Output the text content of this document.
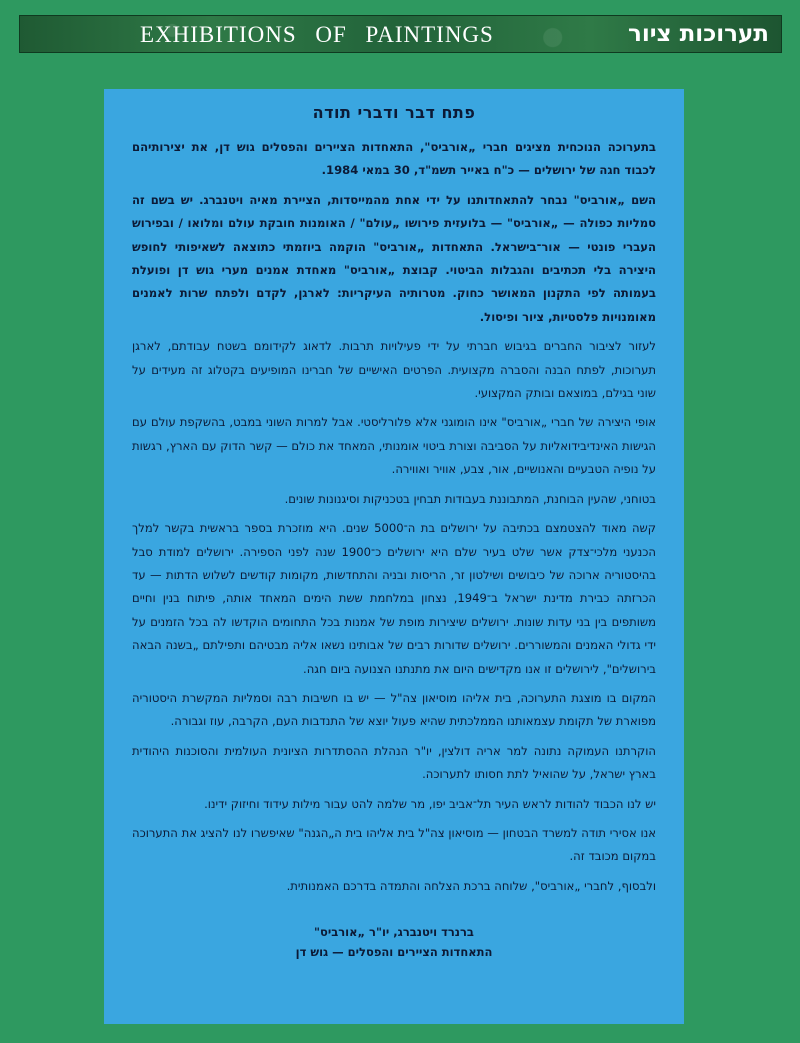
EXHIBITIONS OF PAINTINGS	תערוכות ציור
פתח דבר ודברי תודה

בתערוכה הנוכחית מציגים חברי „אורביס", התאחדות הציירים והפסלים גוש דן, את יצירותיהם לכבוד חגה של ירושלים — כ"ח באייר תשמ"ד, 30 במאי 1984.

השם „אורביס" נבחר להתאחדותנו על ידי אחת מהמייסדות, הציירת מאיה ויטנברג. יש בשם זה סמליות כפולה — „אורביס" — בלועזית פירושו „עולם" / האומנות חובקת עולם ומלואו / ובפירוש העברי פונטי — אור־בישראל. התאחדות „אורביס" הוקמה ביוזמתי כתוצאה לשאיפותי לחופש היצירה בלי תכתיבים והגבלות הביטוי. קבוצת „אורביס" מאחדת אמנים מערי גוש דן ופועלת בעמותה לפי התקנון המאושר כחוק. מטרותיה העיקריות: לארגן, לקדם ולפתח שרות לאמנים מאומנויות פלסטיות, ציור ופיסול.

לעזור לציבור החברים בגיבוש חברתי על ידי פעילויות תרבות. לדאוג לקידומם בשטח עבודתם, לארגן תערוכות, לפתח הבנה והסברה מקצועית. הפרטים האישיים של חברינו המופיעים בקטלוג זה מעידים על שוני בגילם, במוצאם ובותק המקצועי.

אופי היצירה של חברי „אורביס" אינו הומוגני אלא פלורליסטי. אבל למרות השוני במבט, בהשקפת עולם עם הגישות האינדיבידואליות על הסביבה וצורת ביטוי אומנותי, המאחד את כולם — קשר הדוק עם הארץ, רגשות על נופיה הטבעיים והאנושיים, אור, צבע, אוויר ואווירה.

בטוחני, שהעין הבוחנת, המתבוננת בעבודות תבחין בטכניקות וסיגנונות שונים.

קשה מאוד להצטמצם בכתיבה על ירושלים בת ה־5000 שנים. היא מוזכרת בספר בראשית בקשר למלך הכנעני מלכי־צדק אשר שלט בעיר שלם היא ירושלים כ־1900 שנה לפני הספירה. ירושלים למודת סבל בהיסטוריה ארוכה של כיבושים ושילטון זר, הריסות ובניה והתחדשות, מקומות קודשים לשלוש הדתות — עד הכרזתה כבירת מדינת ישראל ב־1949, נצחון במלחמת ששת הימים המאחד אותה, פיתוח בנין וחיים משותפים בין בני עדות שונות. ירושלים שיצירות מופת של אמנות בכל התחומים הוקדשו לה בכל הזמנים על ידי גדולי האמנים והמשוררים. ירושלים שדורות רבים של אבותינו נשאו אליה מבטיהם ותפילתם „בשנה הבאה בירושלים", לירושלים זו אנו מקדישים היום את מתנתנו הצנועה ביום חגה.

המקום בו מוצגת התערוכה, בית אליהו מוסיאון צה"ל — יש בו חשיבות רבה וסמליות המקשרת היסטוריה מפוארת של תקומת עצמאותנו הממלכתית שהיא פעול יוצא של התנדבות העם, הקרבה, עוז וגבורה.

הוקרתנו העמוקה נתונה למר אריה דולצין, יו"ר הנהלת ההסתדרות הציונית העולמית והסוכנות היהודית בארץ ישראל, על שהואיל לתת חסותו לתערוכה.

יש לנו הכבוד להודות לראש העיר תל־אביב יפו, מר שלמה להט עבור מילות עידוד וחיזוק ידינו.

אנו אסירי תודה למשרד הבטחון — מוסיאון צה"ל בית אליהו בית ה„הגנה" שאיפשרו לנו להציג את התערוכה במקום מכובד זה.

ולבסוף, לחברי „אורביס", שלוחה ברכת הצלחה והתמדה בדרכם האמנותית.

ברנרד ויטנברג, יו"ר „אורביס"
התאחדות הציירים והפסלים — גוש דן
